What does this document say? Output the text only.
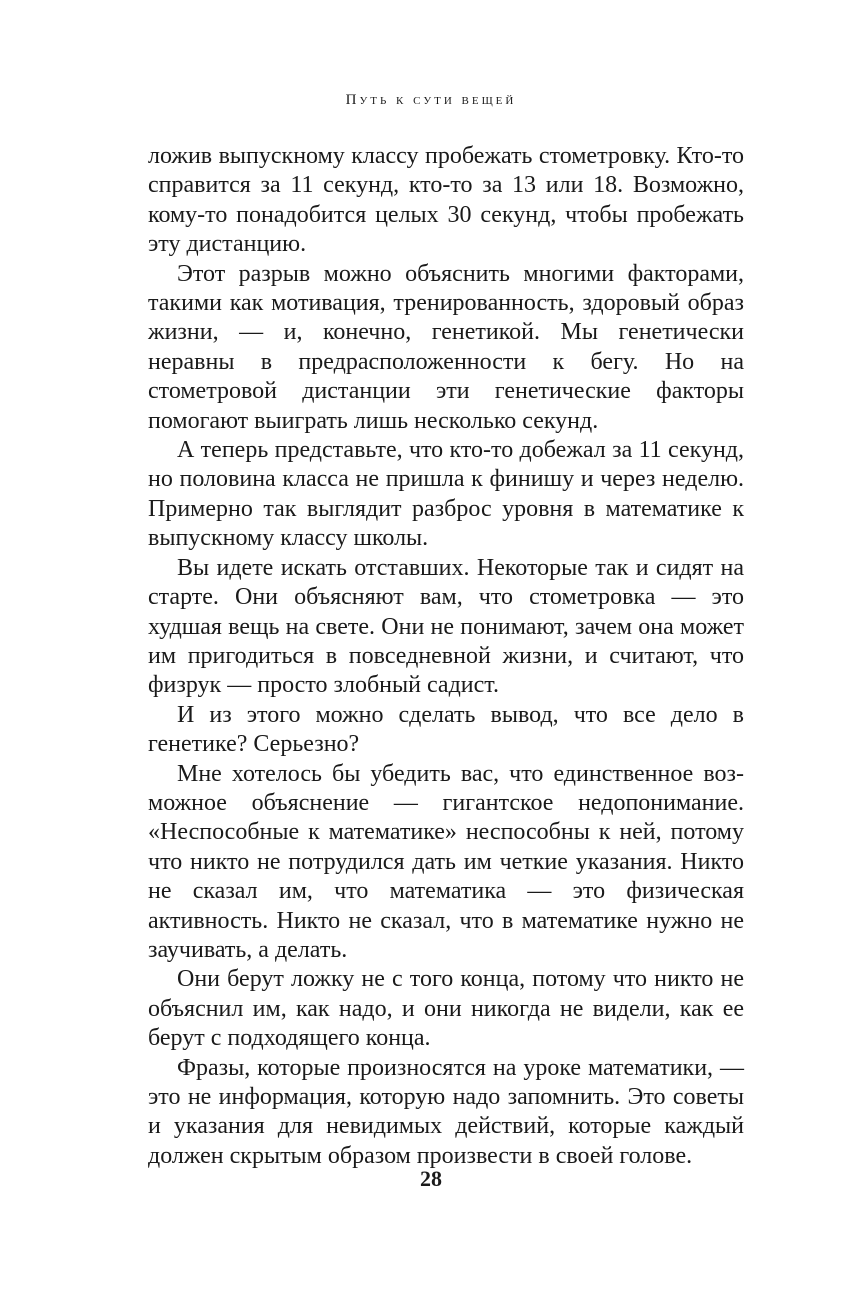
Путь к сути вещей

ложив выпускному классу пробежать стометровку. Кто-то справится за 11 секунд, кто-то за 13 или 18. Возможно, кому-то понадобится целых 30 секунд, чтобы пробежать эту дистанцию.

Этот разрыв можно объяснить многими факторами, такими как мотивация, тренированность, здоровый образ жизни, — и, конечно, генетикой. Мы генетически неравны в предрасположенности к бегу. Но на стометровой дистанции эти генетические факторы помогают выиграть лишь несколько секунд.

А теперь представьте, что кто-то добежал за 11 секунд, но половина класса не пришла к финишу и через неделю. Примерно так выглядит разброс уровня в математике к выпускному классу школы.

Вы идете искать отставших. Некоторые так и сидят на старте. Они объясняют вам, что стометровка — это худшая вещь на свете. Они не понимают, зачем она может им пригодиться в повседневной жизни, и считают, что физрук — просто злобный садист.

И из этого можно сделать вывод, что все дело в генетике? Серьезно?

Мне хотелось бы убедить вас, что единственное возможное объяснение — гигантское недопонимание. «Неспособные к математике» неспособны к ней, потому что никто не потрудился дать им четкие указания. Никто не сказал им, что математика — это физическая активность. Никто не сказал, что в математике нужно не заучивать, а делать.

Они берут ложку не с того конца, потому что никто не объяснил им, как надо, и они никогда не видели, как ее берут с подходящего конца.

Фразы, которые произносятся на уроке математики, — это не информация, которую надо запомнить. Это советы и указания для невидимых действий, которые каждый должен скрытым образом произвести в своей голове.

28
